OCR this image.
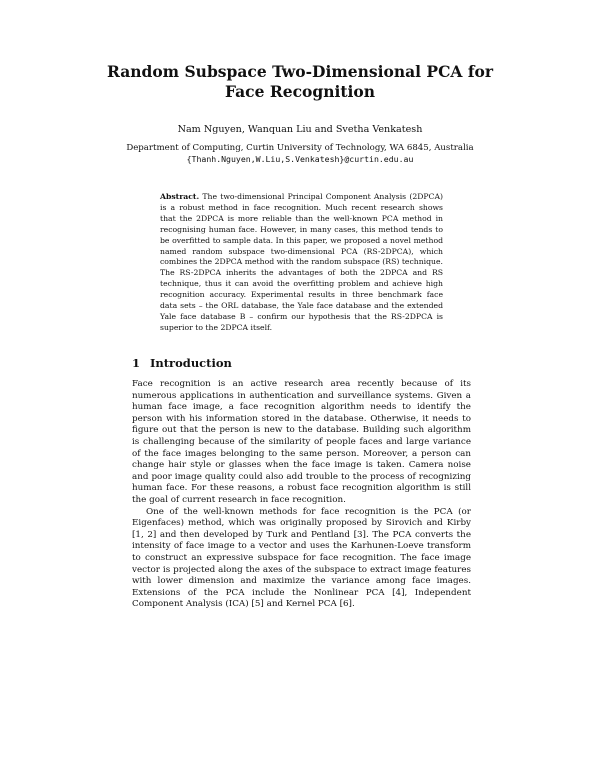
Random Subspace Two-Dimensional PCA for
Face Recognition
Nam Nguyen, Wanquan Liu and Svetha Venkatesh
Department of Computing, Curtin University of Technology, WA 6845, Australia
{Thanh.Nguyen,W.Liu,S.Venkatesh}@curtin.edu.au
Abstract. The two-dimensional Principal Component Analysis (2DPCA) is a robust method in face recognition. Much recent research shows that the 2DPCA is more reliable than the well-known PCA method in recognising human face. However, in many cases, this method tends to be overfitted to sample data. In this paper, we proposed a novel method named random subspace two-dimensional PCA (RS-2DPCA), which combines the 2DPCA method with the random subspace (RS) technique. The RS-2DPCA inherits the advantages of both the 2DPCA and RS technique, thus it can avoid the overfitting problem and achieve high recognition accuracy. Experimental results in three benchmark face data sets – the ORL database, the Yale face database and the extended Yale face database B – confirm our hypothesis that the RS-2DPCA is superior to the 2DPCA itself.
1 Introduction

Face recognition is an active research area recently because of its numerous applications in authentication and surveillance systems. Given a human face image, a face recognition algorithm needs to identify the person with his information stored in the database. Otherwise, it needs to figure out that the person is new to the database. Building such algorithm is challenging because of the similarity of people faces and large variance of the face images belonging to the same person. Moreover, a person can change hair style or glasses when the face image is taken. Camera noise and poor image quality could also add trouble to the process of recognizing human face. For these reasons, a robust face recognition algorithm is still the goal of current research in face recognition.

One of the well-known methods for face recognition is the PCA (or Eigenfaces) method, which was originally proposed by Sirovich and Kirby [1, 2] and then developed by Turk and Pentland [3]. The PCA converts the intensity of face image to a vector and uses the Karhunen-Loeve transform to construct an expressive subspace for face recognition. The face image vector is projected along the axes of the subspace to extract image features with lower dimension and maximize the variance among face images. Extensions of the PCA include the Nonlinear PCA [4], Independent Component Analysis (ICA) [5] and Kernel PCA [6].
